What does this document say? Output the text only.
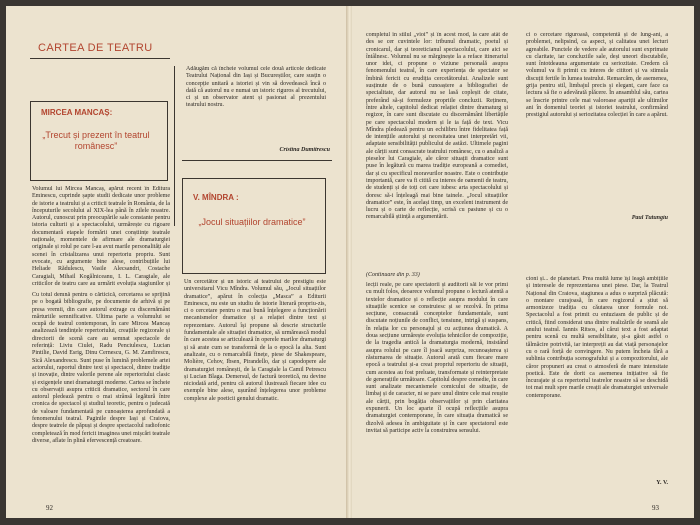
CARTEA DE TEATRU
MIRCEA MANCAȘ:
„Trecut și prezent în teatrul românesc”
Volumul lui Mircea Mancaș, apărut recent în Editura Eminescu, cuprinde șapte studii dedicate unor probleme de istorie a teatrului și a criticii teatrale în România, de la începuturile secolului al XIX-lea până în zilele noastre. Autorul, cunoscut prin preocupările sale constante pentru istoria culturii și a spectacolului, urmărește cu rigoare documentară etapele formării unei conștiințe teatrale naționale, momentele de afirmare ale dramaturgiei originale și rolul pe care l-au avut marile personalități ale scenei în cristalizarea unui repertoriu propriu. Sunt evocate, cu argumente bine alese, contribuțiile lui Heliade Rădulescu, Vasile Alecsandri, Costache Caragiali, Mihail Kogălniceanu, I. L. Caragiale, ale criticilor de teatru care au urmărit evoluția stagiunilor și
Cu totul demnă pentru o cărticică, cercetarea se sprijină pe o bogată bibliografie, pe documente de arhivă și pe presa vremii, din care autorul extrage cu discernământ mărturiile semnificative. Ultima parte a volumului se ocupă de teatrul contemporan, în care Mircea Mancaș analizează tendințele repertoriului, creațiile regizorale și directorii de scenă care au semnat spectacole de referință: Liviu Ciulei, Radu Penciulescu, Lucian Pintilie, David Esrig, Dinu Cernescu, G. M. Zamfirescu, Sică Alexandrescu. Sunt puse în lumină problemele artei actorului, raportul dintre text și spectacol, dintre tradiție și inovație, dintre valorile perene ale repertoriului clasic și exigențele unei dramaturgii moderne. Cartea se încheie cu observații asupra criticii dramatice, sectorul în care autorul pledează pentru o mai strânsă legătură între cronica de spectacol și studiul teoretic, pentru o judecată de valoare fundamentată pe cunoașterea aprofundată a fenomenului teatral. Paginile despre Iași și Craiova, despre teatrele de păpuși și despre spectacolul radiofonic completează în mod fericit imaginea unei mișcări teatrale diverse, aflate în plină efervescență creatoare.
Adăugăm că încheie volumul cele două articole dedicate Teatrului Național din Iași și Bucureștilor, care susțin o concepție unitară a istoriei și vin să dovedească încă o dată că autorul nu e numai un istoric riguros al trecutului, ci și un observator atent și pasionat al prezentului teatrului nostru.
Cristina Dumitrescu
V. MÎNDRA :
„Jocul situațiilor dramatice”
Un cercetător și un istoric al teatrului de prestigiu este universitarul Vicu Mîndra. Volumul său, „Jocul situațiilor dramatice”, apărut în colecția „Masca” a Editurii Eminescu, nu este un studiu de istorie literară propriu-zis, ci o cercetare pentru o mai bună înțelegere a funcționării mecanismelor dramatice și a relației dintre text și reprezentare. Autorul își propune să descrie structurile fundamentale ale situației dramatice, să urmărească modul în care acestea se articulează în operele marilor dramaturgi și să arate cum se transformă de la o epocă la alta. Sunt analizate, cu o remarcabilă finețe, piese de Shakespeare, Molière, Cehov, Ibsen, Pirandello, dar și capodopere ale dramaturgiei românești, de la Caragiale la Camil Petrescu și Lucian Blaga. Demersul, de factură teoretică, nu devine niciodată arid, pentru că autorul ilustrează fiecare idee cu exemple bine alese, ușurând înțelegerea unor probleme complexe ale poeticii genului dramatic.
92
completul în stilul „vioi” și în acest mod, la care atât de des se cer cuvintele lor: tribunul dramatic, poetul și cronicarul, dar și teoreticianul spectacolului, care aici se întâlnesc. Volumul nu se mărginește la a reface itinerariul unor idei, ci propune o viziune personală asupra fenomenului teatral, în care experiența de spectator se îmbină fericit cu erudiția cercetătorului. Analizele sunt susținute de o bună cunoaștere a bibliografiei de specialitate, dar autorul nu se lasă copleșit de citate, preferând să-și formuleze propriile concluzii. Reținem, între altele, capitolul dedicat relației dintre dramaturg și regizor, în care sunt discutate cu discernământ libertățile pe care spectacolul modern și le ia față de text. Vicu Mîndra pledează pentru un echilibru între fidelitatea față de intențiile autorului și necesitatea unei interpretări vii, adaptate sensibilității publicului de astăzi. Ultimele pagini ale cărții sunt consacrate teatrului românesc, cu o analiză a pieselor lui Caragiale, ale căror situații dramatice sunt puse în legătură cu marea tradiție europeană a comediei, dar și cu specificul moravurilor noastre. Este o contribuție importantă, care va fi citită cu interes de oamenii de teatru, de studenți și de toți cei care iubesc arta spectacolului și doresc să-i înțeleagă mai bine tainele. „Jocul situațiilor dramatice” este, în același timp, un excelent instrument de lucru și o carte de reflecție, scrisă cu pasiune și cu o remarcabilă știință a argumentării.
(Continuare din p. 33)
lecții reale, pe care spectatorii și auditorii săi le vor primi cu mult folos, deoarece volumul propune o lectură atentă a textelor dramatice și o reflecție asupra modului în care situațiile scenice se construiesc și se rezolvă. În prima secțiune, consacrată conceptelor fundamentale, sunt discutate noțiunile de conflict, tensiune, intrigă și suspans, în relația lor cu personajul și cu acțiunea dramatică. A doua secțiune urmărește evoluția tehnicilor de compoziție, de la tragedia antică la dramaturgia modernă, insistând asupra rolului pe care îl joacă surpriza, recunoașterea și răsturnarea de situație. Autorul arată cum fiecare mare epocă a teatrului și-a creat propriul repertoriu de situații, cum acestea au fost preluate, transformate și reinterpretate de generațiile următoare. Capitolul despre comedie, în care sunt analizate mecanismele comicului de situație, de limbaj și de caracter, ni se pare unul dintre cele mai reușite ale cărții, prin bogăția observațiilor și prin claritatea expunerii. Un loc aparte îl ocupă reflecțiile asupra dramaturgiei contemporane, în care situația dramatică se dizolvă adesea în ambiguitate și în care spectatorul este invitat să participe activ la construirea sensului.
ci o cercetare riguroasă, competentă și de lung-ani, a problemei, nelipsind, ca aspect, și calitatea unei lecturi agreabile. Punctele de vedere ale autorului sunt exprimate cu claritate, iar concluziile sale, deși uneori discutabile, sunt întotdeauna argumentate cu seriozitate. Credem că volumul va fi primit cu interes de cititori și va stimula discuții fertile în lumea teatrului. Remarcăm, de asemenea, grija pentru stil, limbajul precis și elegant, care face ca lectura să fie o adevărată plăcere. În ansamblul său, cartea se înscrie printre cele mai valoroase apariții ale ultimilor ani în domeniul teoriei și istoriei teatrului, confirmând prestigiul autorului și seriozitatea colecției în care a apărut.
Paul Tutungiu
cioni și... de planetari. Prea multă lume își leagă ambițiile și interesele de reprezentarea unei piese. Dar, la Teatrul Național din Craiova, stagiunea a adus o surpriză plăcută: o montare curajoasă, în care regizorul a știut să armonizeze tradiția cu căutarea unor formule noi. Spectacolul a fost primit cu entuziasm de public și de critică, fiind considerat una dintre realizările de seamă ale anului teatral. Iannis Ritsos, al cărui text a fost adaptat pentru scenă cu multă sensibilitate, și-a găsit astfel o tălmăcire potrivită, iar interpreții au dat viață personajelor cu o rară forță de convingere. Nu putem încheia fără a sublinia contribuția scenografului și a compozitorului, ale căror propuneri au creat o atmosferă de mare intensitate poetică. Este de dorit ca asemenea inițiative să fie încurajate și ca repertoriul teatrelor noastre să se deschidă tot mai mult spre marile creații ale dramaturgiei universale contemporane.
Y. V.
93
